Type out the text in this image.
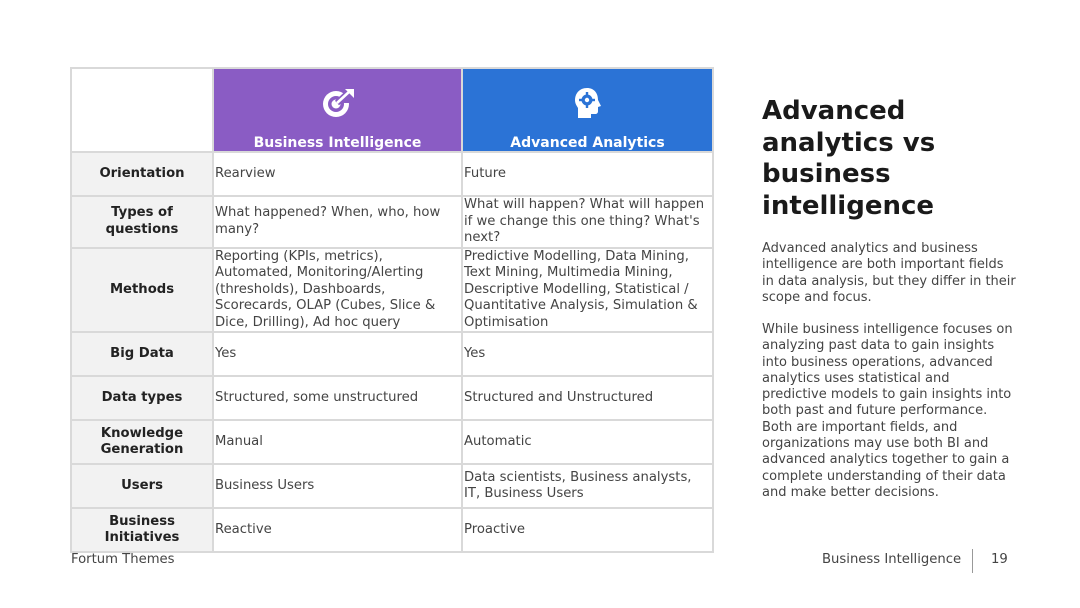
	Business Intelligence	Advanced Analytics

Orientation	Rearview	Future
Types of questions	What happened? When, who, how many?	What will happen? What will happen if we change this one thing? What's next?
Methods	Reporting (KPIs, metrics), Automated, Monitoring/Alerting (thresholds), Dashboards, Scorecards, OLAP (Cubes, Slice & Dice, Drilling), Ad hoc query	Predictive Modelling, Data Mining, Text Mining, Multimedia Mining, Descriptive Modelling, Statistical / Quantitative Analysis, Simulation & Optimisation
Big Data	Yes	Yes
Data types	Structured, some unstructured	Structured and Unstructured
Knowledge Generation	Manual	Automatic
Users	Business Users	Data scientists, Business analysts, IT, Business Users
Business Initiatives	Reactive	Proactive
Advanced analytics vs business intelligence

Advanced analytics and business intelligence are both important fields in data analysis, but they differ in their scope and focus.

While business intelligence focuses on analyzing past data to gain insights into business operations, advanced analytics uses statistical and predictive models to gain insights into both past and future performance. Both are important fields, and organizations may use both BI and advanced analytics together to gain a complete understanding of their data and make better decisions.

Fortum Themes	Business Intelligence 19
